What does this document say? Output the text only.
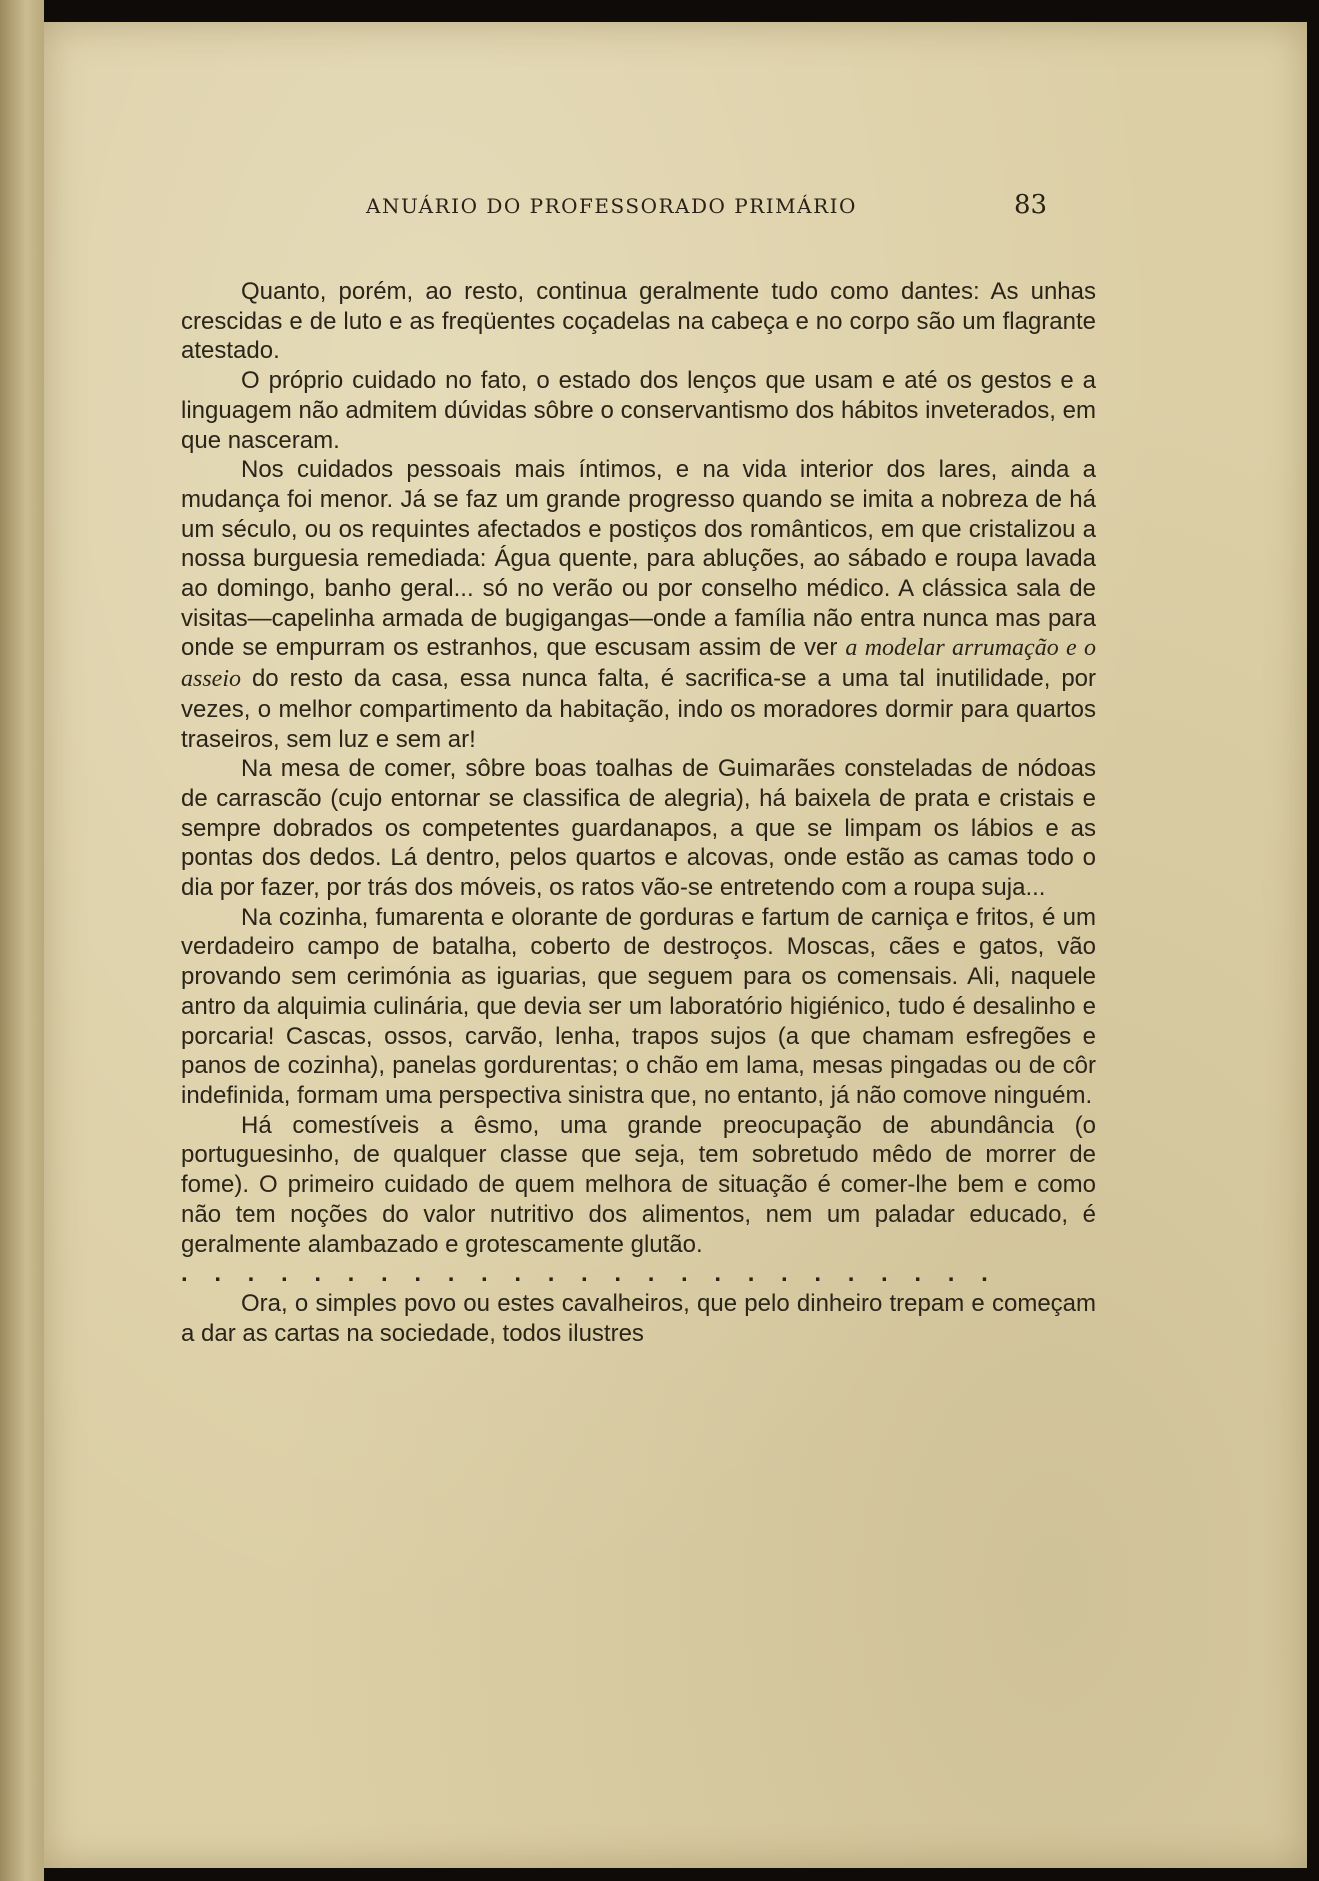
ANUÁRIO DO PROFESSORADO PRIMÁRIO	83

Quanto, porém, ao resto, continua geralmente tudo como dantes: As unhas crescidas e de luto e as freqüentes coçadelas na cabeça e no corpo são um flagrante atestado.

O próprio cuidado no fato, o estado dos lenços que usam e até os gestos e a linguagem não admitem dúvidas sôbre o conservantismo dos hábitos inveterados, em que nasceram.

Nos cuidados pessoais mais íntimos, e na vida interior dos lares, ainda a mudança foi menor. Já se faz um grande progresso quando se imita a nobreza de há um século, ou os requintes afectados e postiços dos românticos, em que cristalizou a nossa burguesia remediada: Água quente, para abluções, ao sábado e roupa lavada ao domingo, banho geral... só no verão ou por conselho médico. A clássica sala de visitas—capelinha armada de bugigangas—onde a família não entra nunca mas para onde se empurram os estranhos, que escusam assim de ver a modelar arrumação e o asseio do resto da casa, essa nunca falta, é sacrifica-se a uma tal inutilidade, por vezes, o melhor compartimento da habitação, indo os moradores dormir para quartos traseiros, sem luz e sem ar!

Na mesa de comer, sôbre boas toalhas de Guimarães consteladas de nódoas de carrascão (cujo entornar se classifica de alegria), há baixela de prata e cristais e sempre dobrados os competentes guardanapos, a que se limpam os lábios e as pontas dos dedos. Lá dentro, pelos quartos e alcovas, onde estão as camas todo o dia por fazer, por trás dos móveis, os ratos vão-se entretendo com a roupa suja...

Na cozinha, fumarenta e olorante de gorduras e fartum de carniça e fritos, é um verdadeiro campo de batalha, coberto de destroços. Moscas, cães e gatos, vão provando sem cerimónia as iguarias, que seguem para os comensais. Ali, naquele antro da alquimia culinária, que devia ser um laboratório higiénico, tudo é desalinho e porcaria! Cascas, ossos, carvão, lenha, trapos sujos (a que chamam esfregões e panos de cozinha), panelas gordurentas; o chão em lama, mesas pingadas ou de côr indefinida, formam uma perspectiva sinistra que, no entanto, já não comove ninguém.

Há comestíveis a êsmo, uma grande preocupação de abundância (o portuguesinho, de qualquer classe que seja, tem sobretudo mêdo de morrer de fome). O primeiro cuidado de quem melhora de situação é comer-lhe bem e como não tem noções do valor nutritivo dos alimentos, nem um paladar educado, é geralmente alambazado e grotescamente glutão.

. . . . . . . . . . . . . . . . . . . . . . . . .

Ora, o simples povo ou estes cavalheiros, que pelo dinheiro trepam e começam a dar as cartas na sociedade, todos ilustres
